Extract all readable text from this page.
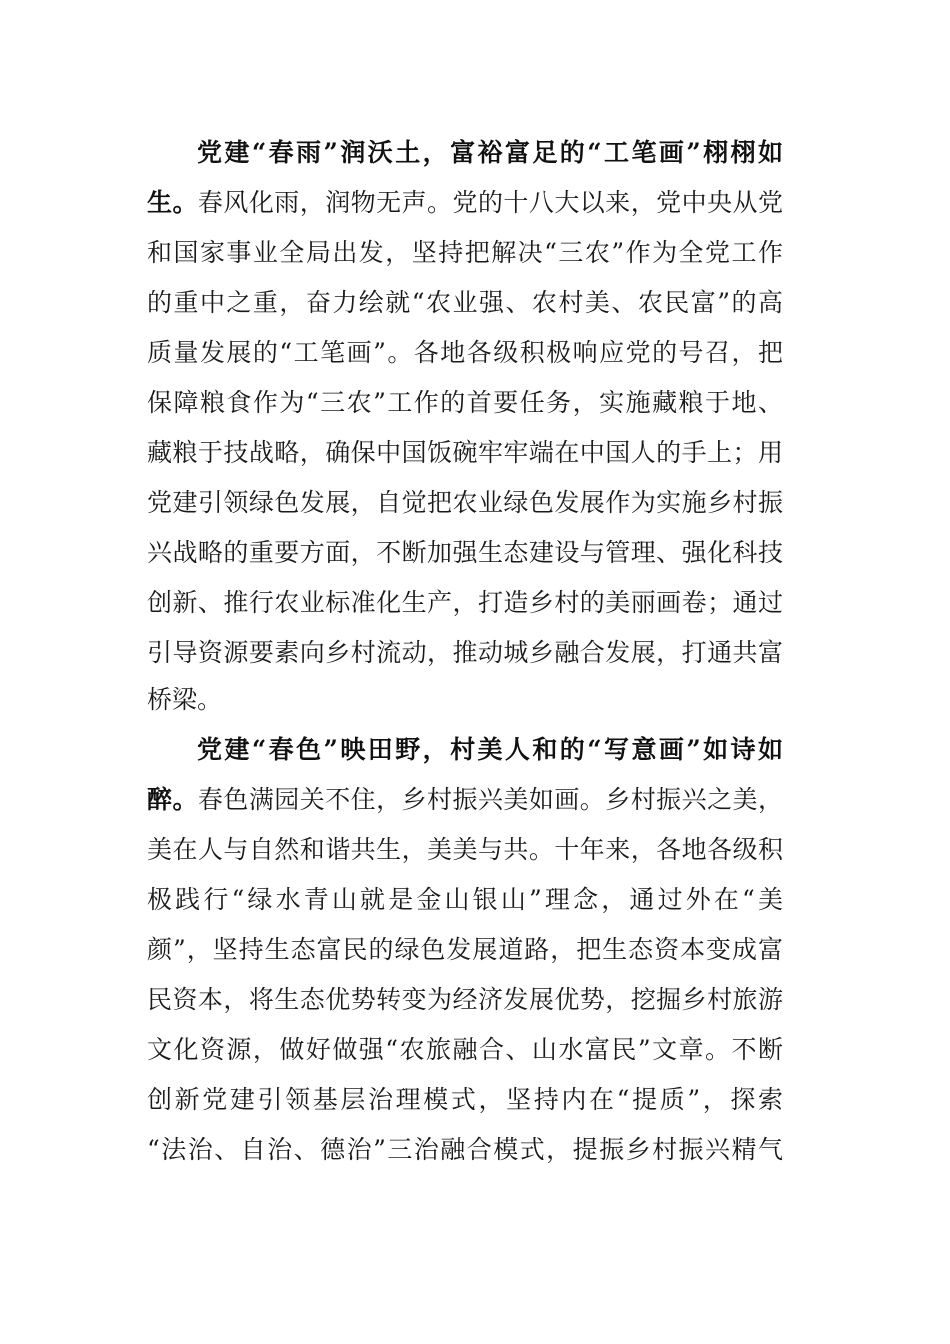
党建“春雨”润沃土，富裕富足的“工笔画”栩栩如
生。春风化雨，润物无声。党的十八大以来，党中央从党
和国家事业全局出发，坚持把解决“三农”作为全党工作
的重中之重，奋力绘就“农业强、农村美、农民富”的高
质量发展的“工笔画”。各地各级积极响应党的号召，把
保障粮食作为“三农”工作的首要任务，实施藏粮于地、
藏粮于技战略，确保中国饭碗牢牢端在中国人的手上；用
党建引领绿色发展，自觉把农业绿色发展作为实施乡村振
兴战略的重要方面，不断加强生态建设与管理、强化科技
创新、推行农业标准化生产，打造乡村的美丽画卷；通过
引导资源要素向乡村流动，推动城乡融合发展，打通共富
桥梁。
党建“春色”映田野，村美人和的“写意画”如诗如
醉。春色满园关不住，乡村振兴美如画。乡村振兴之美，
美在人与自然和谐共生，美美与共。十年来，各地各级积
极践行“绿水青山就是金山银山”理念，通过外在“美
颜”，坚持生态富民的绿色发展道路，把生态资本变成富
民资本，将生态优势转变为经济发展优势，挖掘乡村旅游
文化资源，做好做强“农旅融合、山水富民”文章。不断
创新党建引领基层治理模式，坚持内在“提质”，探索
“法治、自治、德治”三治融合模式，提振乡村振兴精气
